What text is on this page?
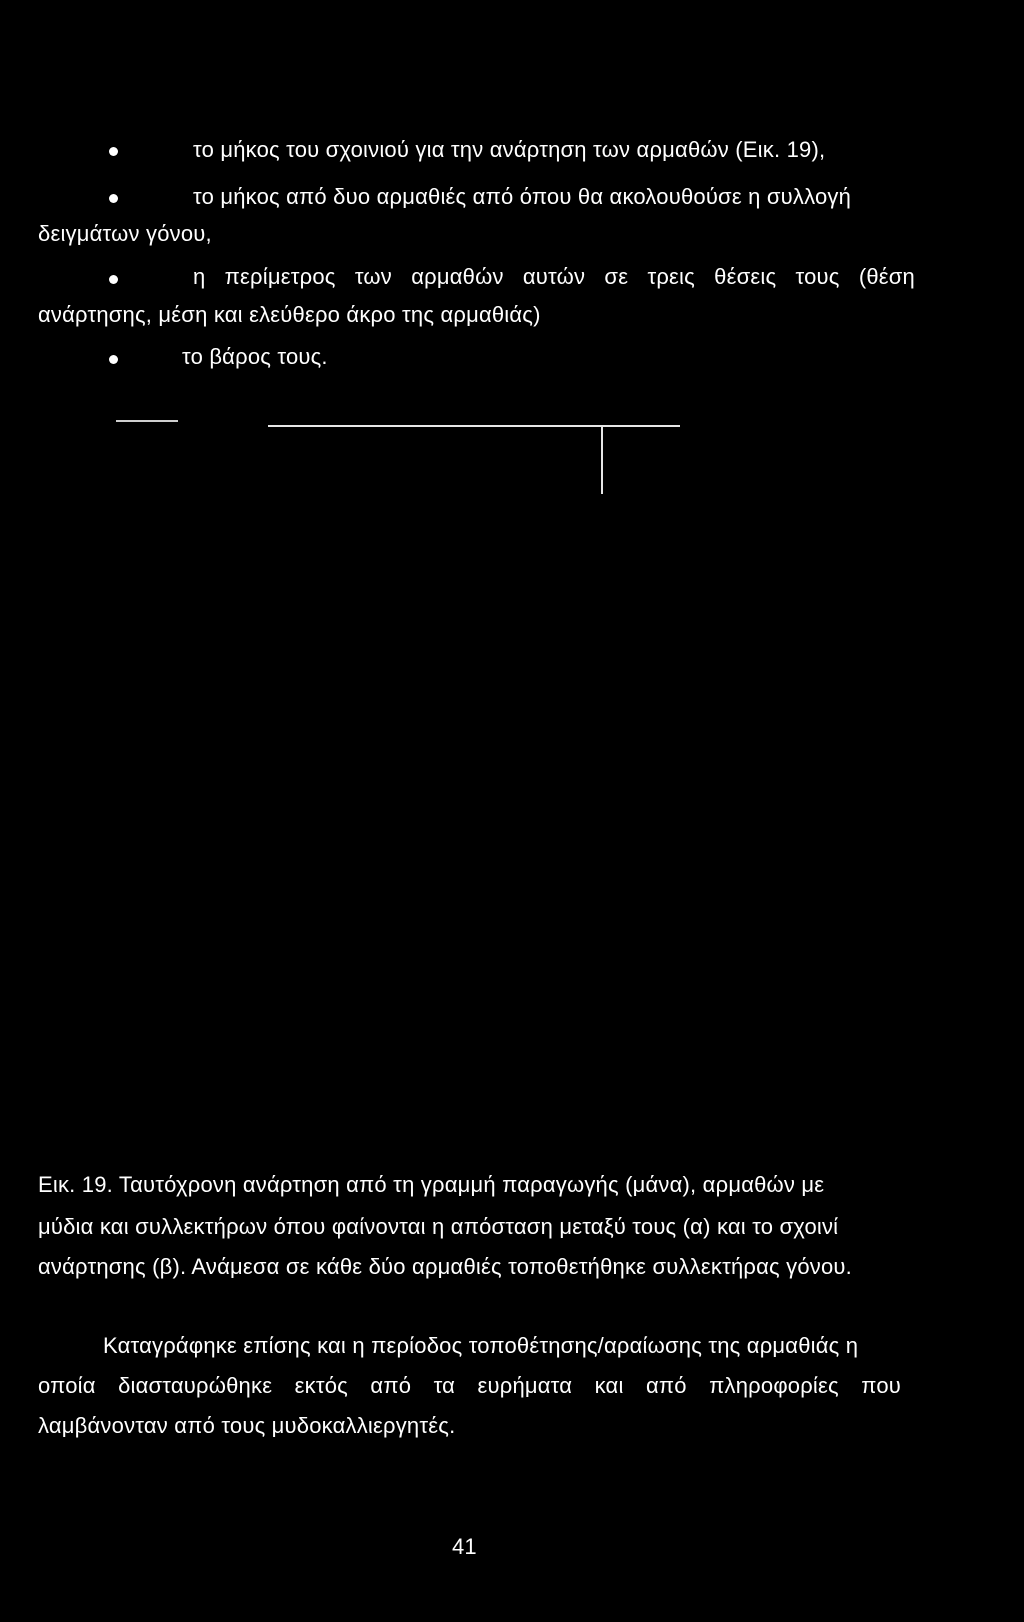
το μήκος του σχοινιού για την ανάρτηση των αρμαθών (Εικ. 19),
το μήκος από δυο αρμαθιές από όπου θα ακολουθούσε η συλλογή
δειγμάτων γόνου,
η περίμετρος των αρμαθών αυτών σε τρεις θέσεις τους (θέση
ανάρτησης, μέση και ελεύθερο άκρο της αρμαθιάς)
το βάρος τους.
Εικ. 19. Ταυτόχρονη ανάρτηση από τη γραμμή παραγωγής (μάνα), αρμαθών με
μύδια και συλλεκτήρων όπου φαίνονται η απόσταση μεταξύ τους (α) και το σχοινί
ανάρτησης (β). Ανάμεσα σε κάθε δύο αρμαθιές τοποθετήθηκε συλλεκτήρας γόνου.
Καταγράφηκε επίσης και η περίοδος τοποθέτησης/αραίωσης της αρμαθιάς η
οποία διασταυρώθηκε εκτός από τα ευρήματα και από πληροφορίες που
λαμβάνονταν από τους μυδοκαλλιεργητές.
41
